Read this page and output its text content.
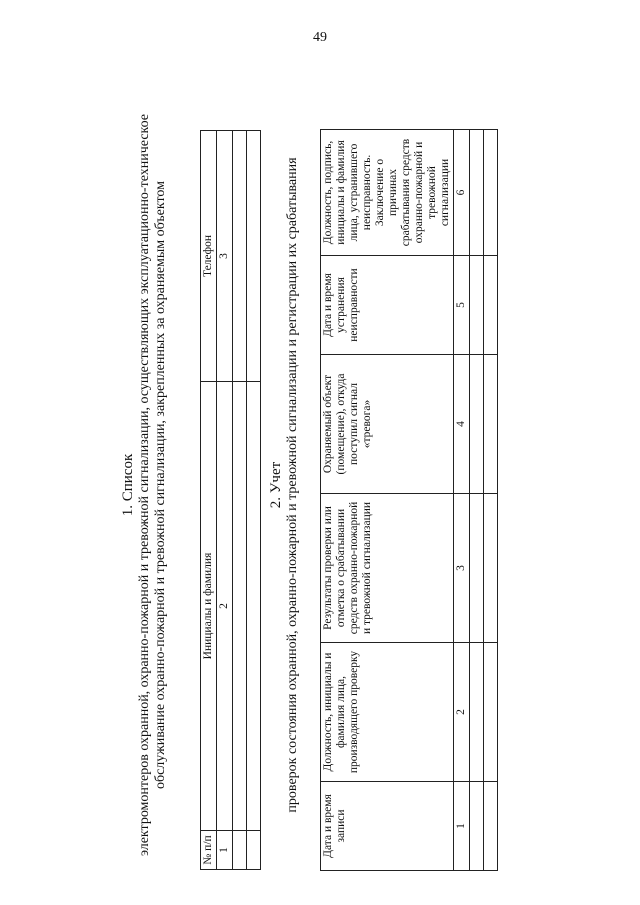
49
1. Список электромонтеров охранной, охранно-пожарной и тревожной сигнализации, осуществляющих эксплуатационно-техническое обслуживание охранно-пожарной и тревожной сигнализации, закрепленных за охраняемым объектом
№ п/п	Инициалы и фамилия	Телефон
1	2	3

2. Учет проверок состояния охранной, охранно-пожарной и тревожной сигнализации и регистрации их срабатывания
Дата и время записи	Должность, инициалы и фамилия лица, производящего проверку	Результаты проверки или отметка о срабатывании средств охранно-пожарной и тревожной сигнализации	Охраняемый объект (помещение), откуда поступил сигнал «тревога»	Дата и время устранения неисправности	Должность, подпись, инициалы и фамилия лица, устранившего неисправность. Заключение о причинах срабатывания средств охранно-пожарной и тревожной сигнализации
1	2	3	4	5	6
